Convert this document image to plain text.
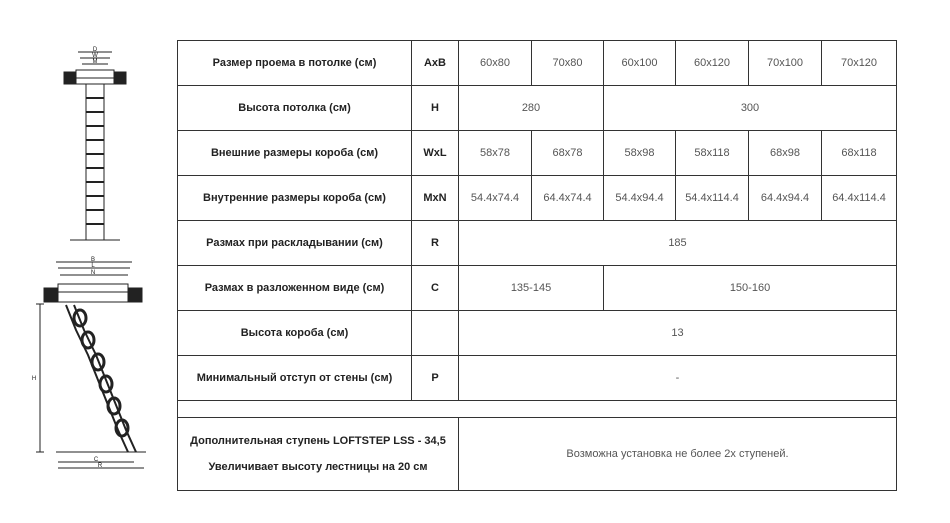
D
W
M
B
L
N
H
C
R
Размер проема в потолке (см)	AxB	60x80	70x80	60x100	60x120	70x100	70x120
Высота потолка (см)	H	280		300			
Внешние размеры короба (см)	WxL	58x78	68x78	58x98	58x118	68x98	68x118
Внутренние размеры короба (см)	MxN	54.4x74.4	64.4x74.4	54.4x94.4	54.4x114.4	64.4x94.4	64.4x114.4
Размах при раскладывании (см)	R	185					
Размах в разложенном виде (см)	C	135-145		150-160			
Высота короба (см)		13					
Минимальный отступ от стены (см)	P	-					

Дополнительная ступень LOFTSTEP LSS - 34,5
Увеличивает высоту лестницы на 20 см		Возможна установка не более 2х ступеней.					
